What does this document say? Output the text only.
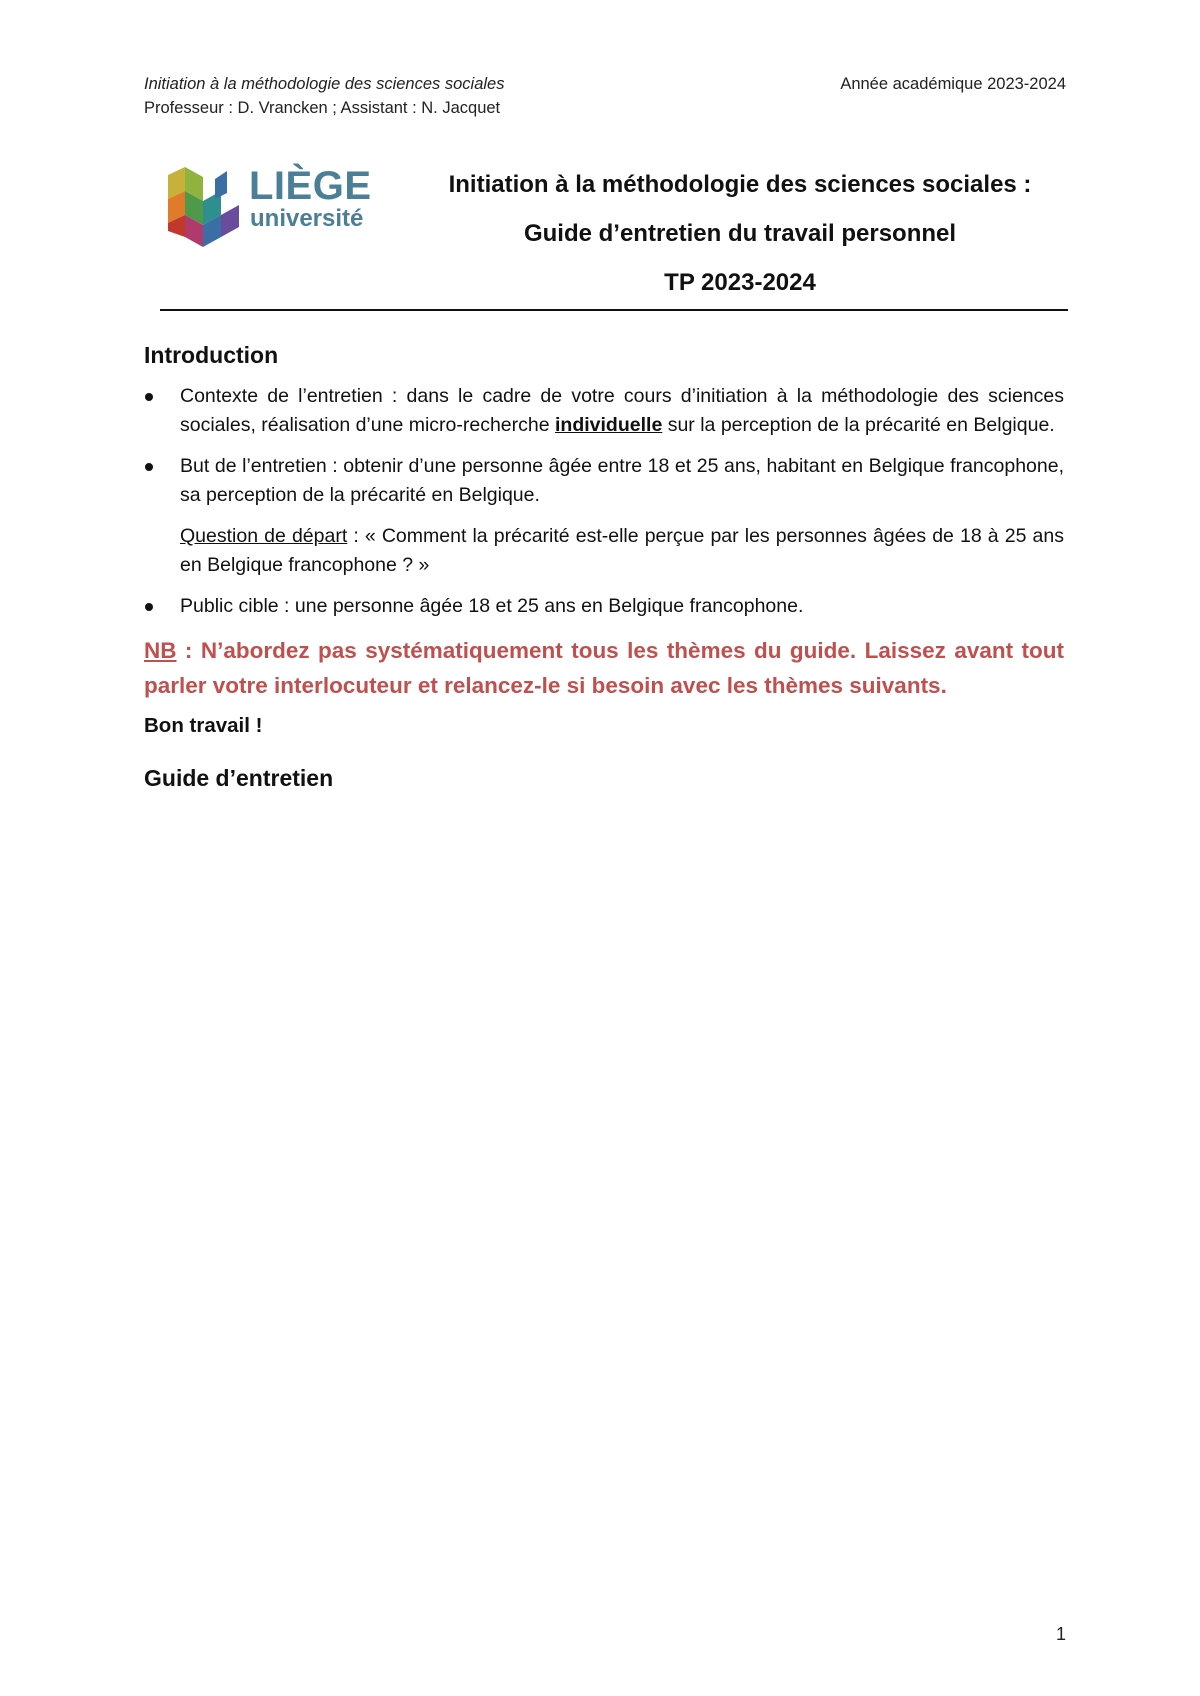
Initiation à la méthodologie des sciences sociales
Professeur : D. Vrancken ; Assistant : N. Jacquet
Année académique 2023-2024
LIÈGE
université
Initiation à la méthodologie des sciences sociales :
Guide d’entretien du travail personnel
TP 2023-2024
Introduction
Contexte de l’entretien : dans le cadre de votre cours d’initiation à la méthodologie des sciences sociales, réalisation d’une micro-recherche individuelle sur la perception de la précarité en Belgique.
But de l’entretien : obtenir d’une personne âgée entre 18 et 25 ans, habitant en Belgique francophone, sa perception de la précarité en Belgique.

Question de départ : « Comment la précarité est-elle perçue par les personnes âgées de 18 à 25 ans en Belgique francophone ? »

Public cible : une personne âgée 18 et 25 ans en Belgique francophone.

NB : N’abordez pas systématiquement tous les thèmes du guide. Laissez avant tout parler votre interlocuteur et relancez-le si besoin avec les thèmes suivants.

Bon travail !

Guide d’entretien
1
